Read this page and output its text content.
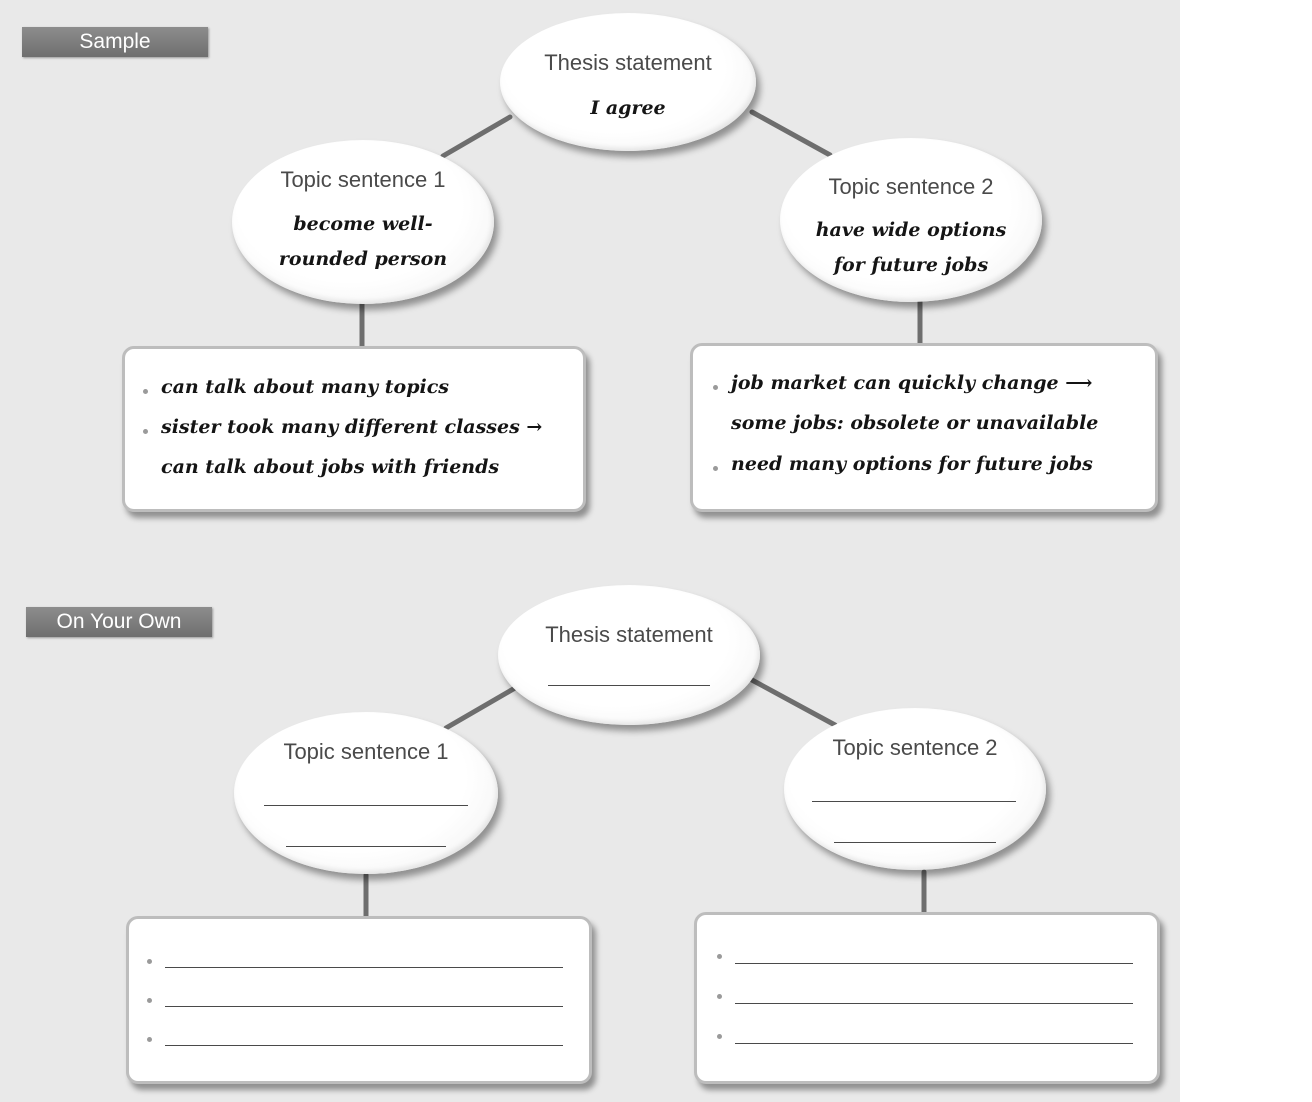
Sample
Thesis statement
I agree
Topic sentence 1
become well-
rounded person
Topic sentence 2
have wide options
for future jobs
can talk about many topics
sister took many different classes →
can talk about jobs with friends
job market can quickly change ⟶
some jobs: obsolete or unavailable
need many options for future jobs
On Your Own
Thesis statement
Topic sentence 1	Topic sentence 2
